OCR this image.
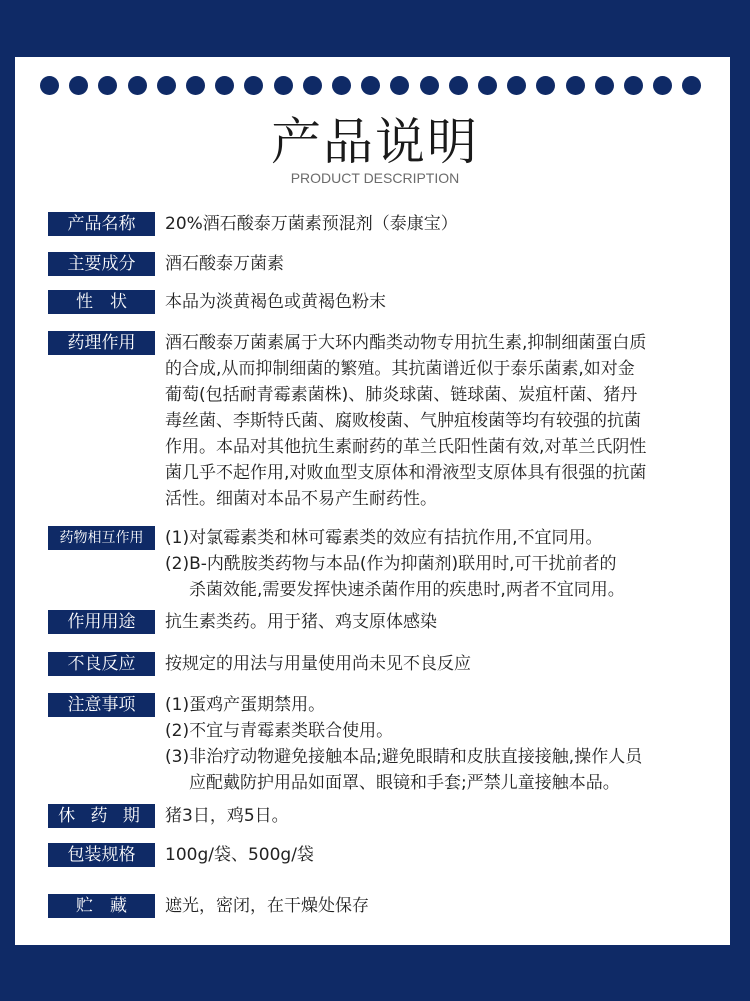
产品说明
PRODUCT DESCRIPTION
产品名称	20%酒石酸泰万菌素预混剂（泰康宝）
主要成分	酒石酸泰万菌素
性　状	本品为淡黄褐色或黄褐色粉末
药理作用	酒石酸泰万菌素属于大环内酯类动物专用抗生素,抑制细菌蛋白质
的合成,从而抑制细菌的繁殖。其抗菌谱近似于泰乐菌素,如对金
葡萄(包括耐青霉素菌株)、肺炎球菌、链球菌、炭疽杆菌、猪丹
毒丝菌、李斯特氏菌、腐败梭菌、气肿疽梭菌等均有较强的抗菌
作用。本品对其他抗生素耐药的革兰氏阳性菌有效,对革兰氏阴性
菌几乎不起作用,对败血型支原体和滑液型支原体具有很强的抗菌
活性。细菌对本品不易产生耐药性。
药物相互作用	(1)对氯霉素类和林可霉素类的效应有拮抗作用,不宜同用。
(2)B-内酰胺类药物与本品(作为抑菌剂)联用时,可干扰前者的
杀菌效能,需要发挥快速杀菌作用的疾患时,两者不宜同用。
作用用途	抗生素类药。用于猪、鸡支原体感染
不良反应	按规定的用法与用量使用尚未见不良反应
注意事项	(1)蛋鸡产蛋期禁用。
(2)不宜与青霉素类联合使用。
(3)非治疗动物避免接触本品;避免眼睛和皮肤直接接触,操作人员
应配戴防护用品如面罩、眼镜和手套;严禁儿童接触本品。
休 药 期	猪3日，鸡5日。
包装规格	100g/袋、500g/袋
贮　藏	遮光，密闭，在干燥处保存
